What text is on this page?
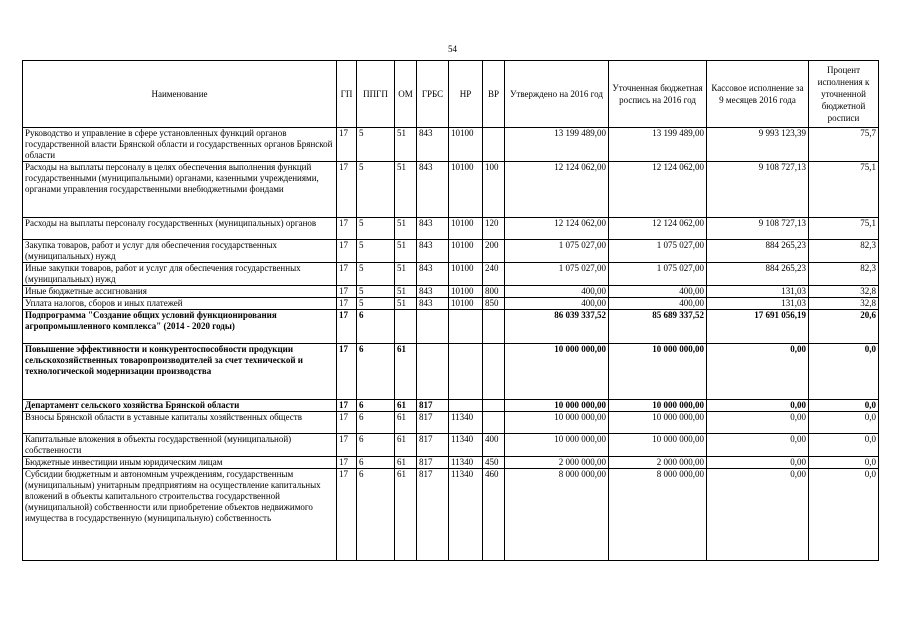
54
Наименование	ГП	ППГП	ОМ	ГРБС	НР	ВР	Утверждено на 2016 год	Уточненная бюджетная роспись на 2016 год	Кассовое исполнение за 9 месяцев 2016 года	Процент исполнения к уточненной бюджетной росписи
Руководство и управление в сфере установленных функций органов государственной власти Брянской области и государственных органов Брянской области	17	5	51	843	10100		13 199 489,00	13 199 489,00	9 993 123,39	75,7
Расходы на выплаты персоналу в целях обеспечения выполнения функций государственными (муниципальными) органами, казенными учреждениями, органами управления государственными внебюджетными фондами	17	5	51	843	10100	100	12 124 062,00	12 124 062,00	9 108 727,13	75,1
Расходы на выплаты персоналу государственных (муниципальных) органов	17	5	51	843	10100	120	12 124 062,00	12 124 062,00	9 108 727,13	75,1
Закупка товаров, работ и услуг для обеспечения государственных (муниципальных) нужд	17	5	51	843	10100	200	1 075 027,00	1 075 027,00	884 265,23	82,3
Иные закупки товаров, работ и услуг для обеспечения государственных (муниципальных) нужд	17	5	51	843	10100	240	1 075 027,00	1 075 027,00	884 265,23	82,3
Иные бюджетные ассигнования	17	5	51	843	10100	800	400,00	400,00	131,03	32,8
Уплата налогов, сборов и иных платежей	17	5	51	843	10100	850	400,00	400,00	131,03	32,8
Подпрограмма "Создание общих условий функционирования агропромышленного комплекса" (2014 - 2020 годы)	17	6					86 039 337,52	85 689 337,52	17 691 056,19	20,6
Повышение эффективности и конкурентоспособности продукции сельскохозяйственных товаропроизводителей за счет технической и технологической модернизации производства	17	6	61				10 000 000,00	10 000 000,00	0,00	0,0
Департамент сельского хозяйства Брянской области	17	6	61	817			10 000 000,00	10 000 000,00	0,00	0,0
Взносы Брянской области в уставные капиталы хозяйственных обществ	17	6	61	817	11340		10 000 000,00	10 000 000,00	0,00	0,0
Капитальные вложения в объекты государственной (муниципальной) собственности	17	6	61	817	11340	400	10 000 000,00	10 000 000,00	0,00	0,0
Бюджетные инвестиции иным юридическим лицам	17	6	61	817	11340	450	2 000 000,00	2 000 000,00	0,00	0,0
Субсидии бюджетным и автономным учреждениям, государственным (муниципальным) унитарным предприятиям на осуществление капитальных вложений в объекты капитального строительства государственной (муниципальной) собственности или приобретение объектов недвижимого имущества в государственную (муниципальную) собственность	17	6	61	817	11340	460	8 000 000,00	8 000 000,00	0,00	0,0
